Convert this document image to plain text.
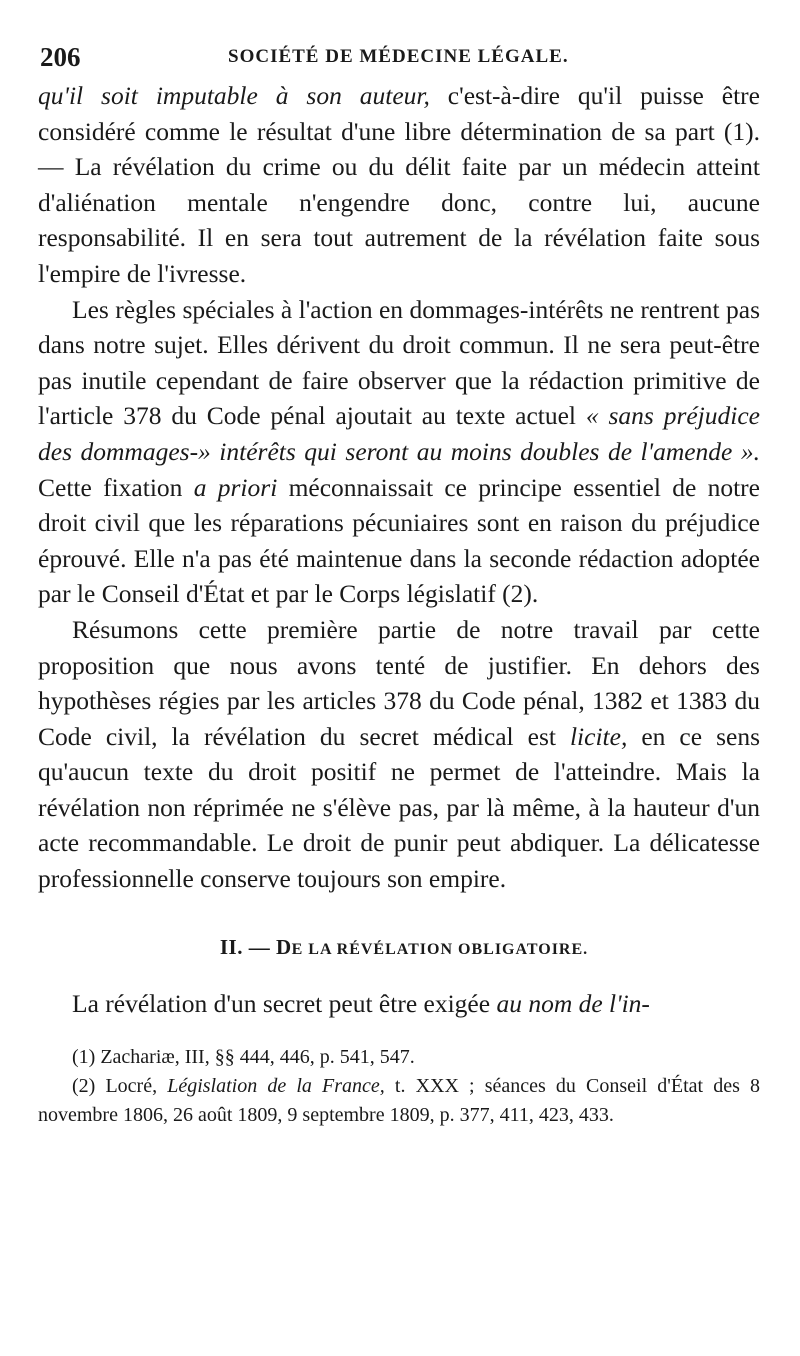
206	SOCIÉTÉ DE MÉDECINE LÉGALE.

qu'il soit imputable à son auteur, c'est-à-dire qu'il puisse être considéré comme le résultat d'une libre détermination de sa part (1). — La révélation du crime ou du délit faite par un médecin atteint d'aliénation mentale n'engendre donc, contre lui, aucune responsabilité. Il en sera tout autrement de la révélation faite sous l'empire de l'ivresse.

Les règles spéciales à l'action en dommages-intérêts ne rentrent pas dans notre sujet. Elles dérivent du droit commun. Il ne sera peut-être pas inutile cependant de faire observer que la rédaction primitive de l'article 378 du Code pénal ajoutait au texte actuel « sans préjudice des dommages-» intérêts qui seront au moins doubles de l'amende ». Cette fixation a priori méconnaissait ce principe essentiel de notre droit civil que les réparations pécuniaires sont en raison du préjudice éprouvé. Elle n'a pas été maintenue dans la seconde rédaction adoptée par le Conseil d'État et par le Corps législatif (2).

Résumons cette première partie de notre travail par cette proposition que nous avons tenté de justifier. En dehors des hypothèses régies par les articles 378 du Code pénal, 1382 et 1383 du Code civil, la révélation du secret médical est licite, en ce sens qu'aucun texte du droit positif ne permet de l'atteindre. Mais la révélation non réprimée ne s'élève pas, par là même, à la hauteur d'un acte recommandable. Le droit de punir peut abdiquer. La délicatesse professionnelle conserve toujours son empire.

II. — DE LA RÉVÉLATION OBLIGATOIRE.

La révélation d'un secret peut être exigée au nom de l'in-

(1) Zachariæ, III, §§ 444, 446, p. 541, 547.

(2) Locré, Législation de la France, t. XXX ; séances du Conseil d'État des 8 novembre 1806, 26 août 1809, 9 septembre 1809, p. 377, 411, 423, 433.
